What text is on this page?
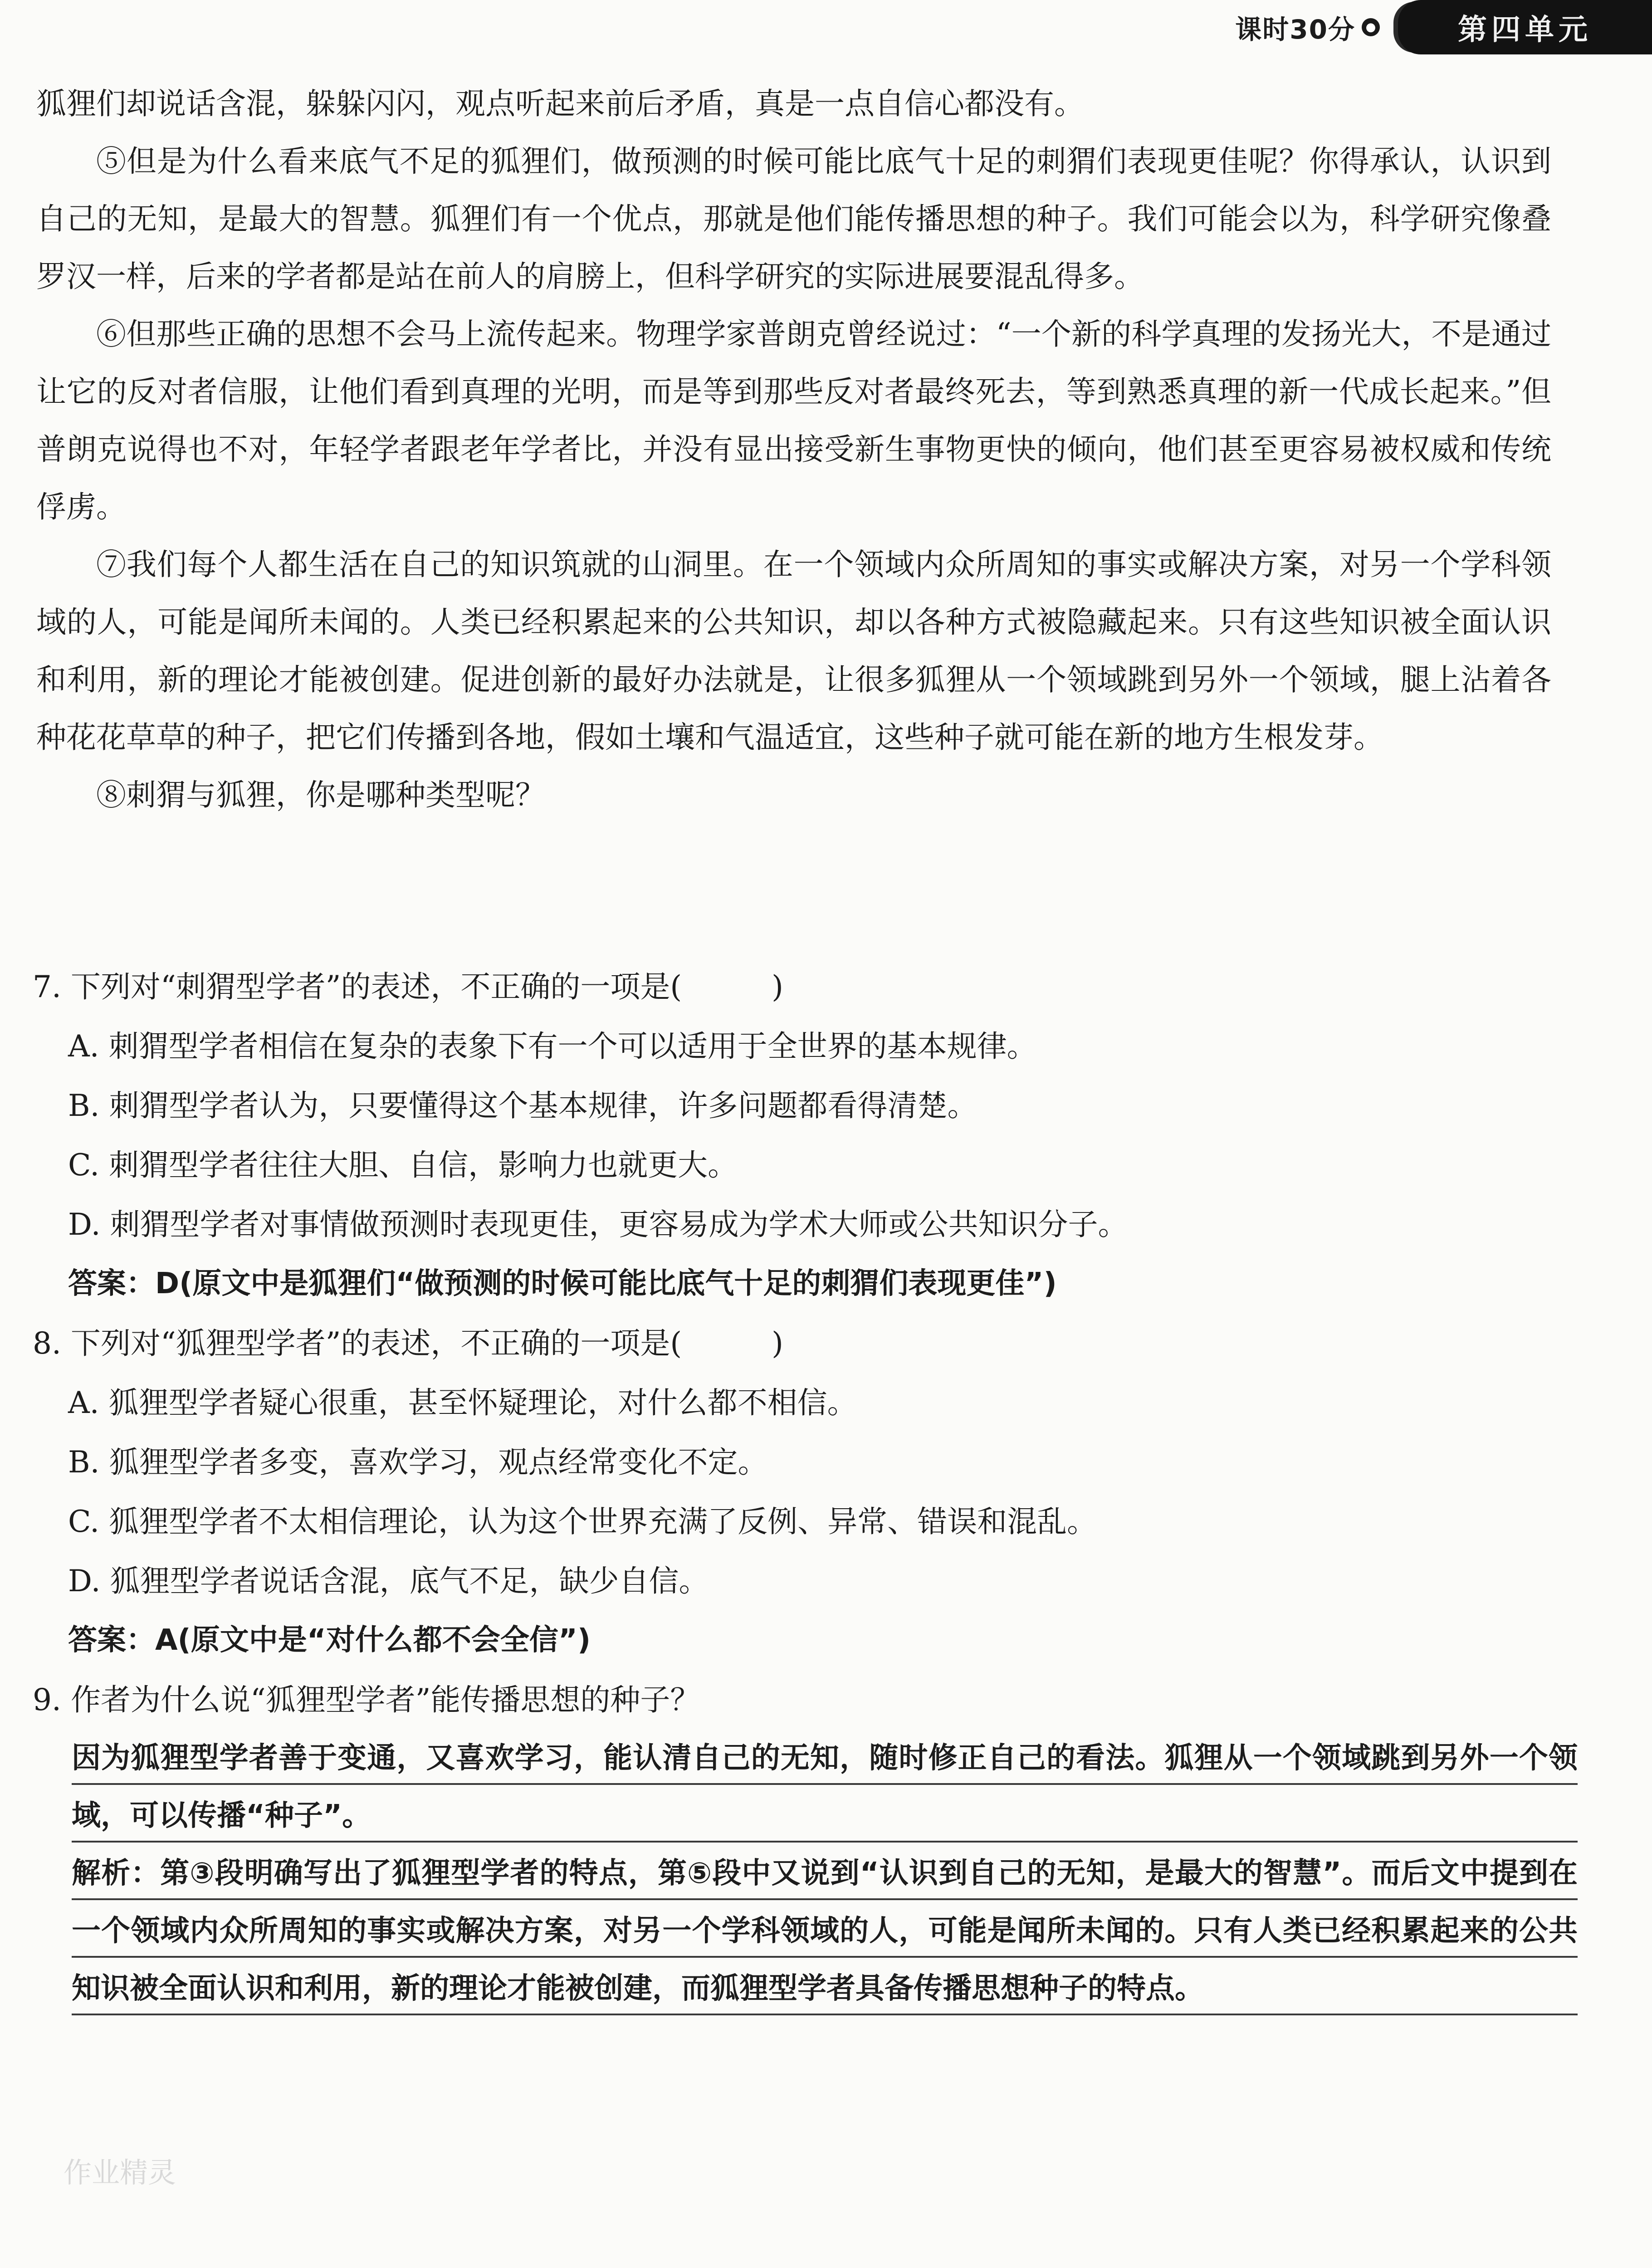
课时30分 ●	第四单元

狐狸们却说话含混，躲躲闪闪，观点听起来前后矛盾，真是一点自信心都没有。

⑤但是为什么看来底气不足的狐狸们，做预测的时候可能比底气十足的刺猬们表现更佳呢？你得承认，认识到自己的无知，是最大的智慧。狐狸们有一个优点，那就是他们能传播思想的种子。我们可能会以为，科学研究像叠罗汉一样，后来的学者都是站在前人的肩膀上，但科学研究的实际进展要混乱得多。

⑥但那些正确的思想不会马上流传起来。物理学家普朗克曾经说过：“一个新的科学真理的发扬光大，不是通过让它的反对者信服，让他们看到真理的光明，而是等到那些反对者最终死去，等到熟悉真理的新一代成长起来。”但普朗克说得也不对，年轻学者跟老年学者比，并没有显出接受新生事物更快的倾向，他们甚至更容易被权威和传统俘虏。

⑦我们每个人都生活在自己的知识筑就的山洞里。在一个领域内众所周知的事实或解决方案，对另一个学科领域的人，可能是闻所未闻的。人类已经积累起来的公共知识，却以各种方式被隐藏起来。只有这些知识被全面认识和利用，新的理论才能被创建。促进创新的最好办法就是，让很多狐狸从一个领域跳到另外一个领域，腿上沾着各种花花草草的种子，把它们传播到各地，假如土壤和气温适宜，这些种子就可能在新的地方生根发芽。

⑧刺猬与狐狸，你是哪种类型呢？

7. 下列对“刺猬型学者”的表述，不正确的一项是(　　　)

A. 刺猬型学者相信在复杂的表象下有一个可以适用于全世界的基本规律。

B. 刺猬型学者认为，只要懂得这个基本规律，许多问题都看得清楚。

C. 刺猬型学者往往大胆、自信，影响力也就更大。

D. 刺猬型学者对事情做预测时表现更佳，更容易成为学术大师或公共知识分子。

答案：D(原文中是狐狸们“做预测的时候可能比底气十足的刺猬们表现更佳”)

8. 下列对“狐狸型学者”的表述，不正确的一项是(　　　)

A. 狐狸型学者疑心很重，甚至怀疑理论，对什么都不相信。

B. 狐狸型学者多变，喜欢学习，观点经常变化不定。

C. 狐狸型学者不太相信理论，认为这个世界充满了反例、异常、错误和混乱。

D. 狐狸型学者说话含混，底气不足，缺少自信。

答案：A(原文中是“对什么都不会全信”)

9. 作者为什么说“狐狸型学者”能传播思想的种子？

因为狐狸型学者善于变通，又喜欢学习，能认清自己的无知，随时修正自己的看法。狐狸从一个领域跳到另外一个领域，可以传播“种子”。

解析：第③段明确写出了狐狸型学者的特点，第⑤段中又说到“认识到自己的无知，是最大的智慧”。而后文中提到在一个领域内众所周知的事实或解决方案，对另一个学科领域的人，可能是闻所未闻的。只有人类已经积累起来的公共知识被全面认识和利用，新的理论才能被创建，而狐狸型学者具备传播思想种子的特点。

作业精灵
